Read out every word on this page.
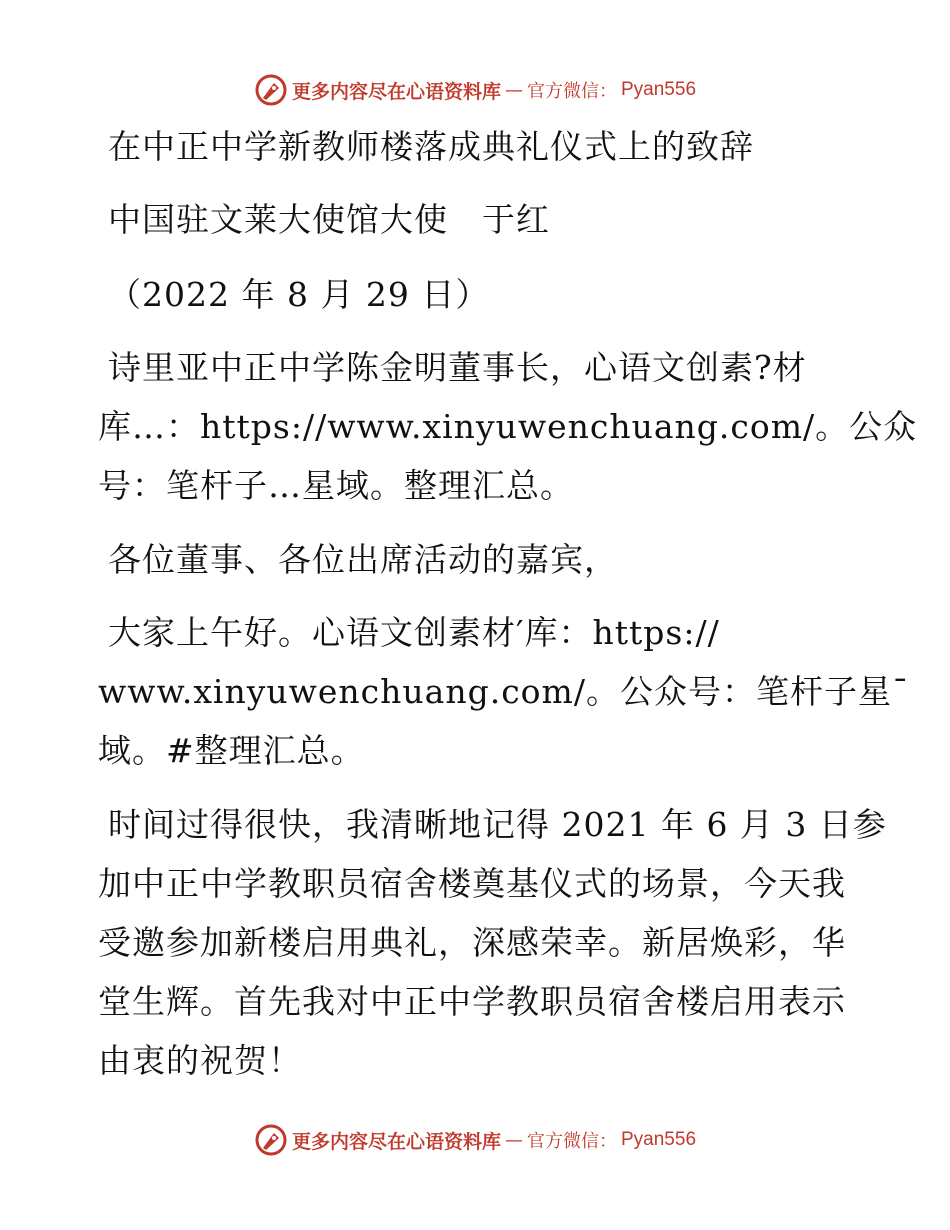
更多内容尽在心语资料库 — 官方微信： Pyan556
在中正中学新教师楼落成典礼仪式上的致辞
中国驻文莱大使馆大使　于红
（2022 年 8 月 29 日）
诗里亚中正中学陈金明董事长，心语文创素?材
库…：https://www.xinyuwenchuang.com/。公众
号：笔杆子…星域。整理汇总。
各位董事、各位出席活动的嘉宾，
大家上午好。心语文创素材′库：https://
www.xinyuwenchuang.com/。公众号：笔杆子星¯
域。#整理汇总。
时间过得很快，我清晰地记得 2021 年 6 月 3 日参
加中正中学教职员宿舍楼奠基仪式的场景，今天我
受邀参加新楼启用典礼，深感荣幸。新居焕彩，华
堂生辉。首先我对中正中学教职员宿舍楼启用表示
由衷的祝贺！
更多内容尽在心语资料库 — 官方微信： Pyan556
